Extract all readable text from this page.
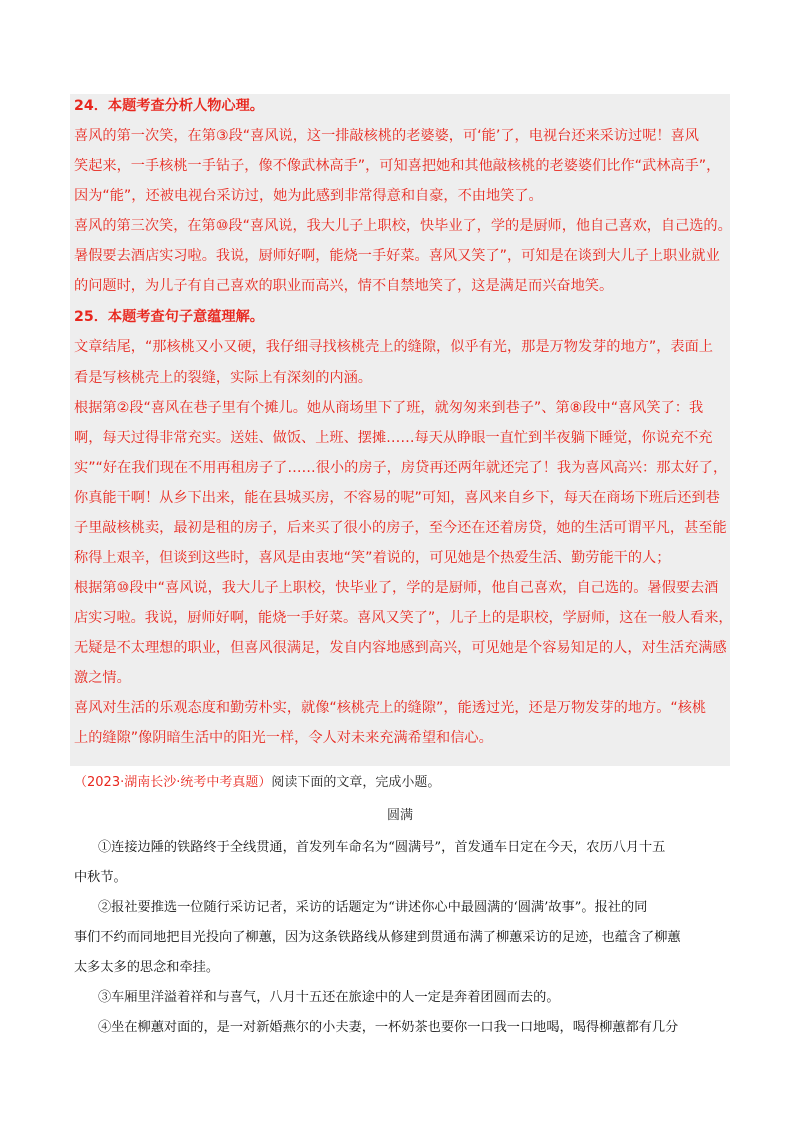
24．本题考查分析人物心理。
喜风的第一次笑，在第③段“喜风说，这一排敲核桃的老婆婆，可‘能’了，电视台还来采访过呢！喜风
笑起来，一手核桃一手钻子，像不像武林高手”，可知喜把她和其他敲核桃的老婆婆们比作“武林高手”，
因为“能”，还被电视台采访过，她为此感到非常得意和自豪，不由地笑了。
喜风的第三次笑，在第⑩段“喜风说，我大儿子上职校，快毕业了，学的是厨师，他自己喜欢，自己选的。
暑假要去酒店实习啦。我说，厨师好啊，能烧一手好菜。喜风又笑了”，可知是在谈到大儿子上职业就业
的问题时，为儿子有自己喜欢的职业而高兴，情不自禁地笑了，这是满足而兴奋地笑。
25．本题考查句子意蕴理解。
文章结尾，“那核桃又小又硬，我仔细寻找核桃壳上的缝隙，似乎有光，那是万物发芽的地方”，表面上
看是写核桃壳上的裂缝，实际上有深刻的内涵。
根据第②段“喜风在巷子里有个摊儿。她从商场里下了班，就匆匆来到巷子”、第⑧段中“喜风笑了：我
啊，每天过得非常充实。送娃、做饭、上班、摆摊……每天从睁眼一直忙到半夜躺下睡觉，你说充不充
实”“好在我们现在不用再租房子了……很小的房子，房贷再还两年就还完了！我为喜风高兴：那太好了，
你真能干啊！从乡下出来，能在县城买房，不容易的呢”可知，喜风来自乡下，每天在商场下班后还到巷
子里敲核桃卖，最初是租的房子，后来买了很小的房子，至今还在还着房贷，她的生活可谓平凡，甚至能
称得上艰辛，但谈到这些时，喜风是由衷地“笑”着说的，可见她是个热爱生活、勤劳能干的人；
根据第⑩段中“喜风说，我大儿子上职校，快毕业了，学的是厨师，他自己喜欢，自己选的。暑假要去酒
店实习啦。我说，厨师好啊，能烧一手好菜。喜风又笑了”，儿子上的是职校，学厨师，这在一般人看来，
无疑是不太理想的职业，但喜风很满足，发自内容地感到高兴，可见她是个容易知足的人，对生活充满感
激之情。
喜风对生活的乐观态度和勤劳朴实，就像“核桃壳上的缝隙”，能透过光，还是万物发芽的地方。“核桃
上的缝隙”像阴暗生活中的阳光一样，令人对未来充满希望和信心。
（2023·湖南长沙·统考中考真题）阅读下面的文章，完成小题。
圆满
①连接边陲的铁路终于全线贯通，首发列车命名为“圆满号”，首发通车日定在今天，农历八月十五
中秋节。
②报社要推选一位随行采访记者，采访的话题定为“讲述你心中最圆满的‘圆满’故事”。报社的同
事们不约而同地把目光投向了柳蕙，因为这条铁路线从修建到贯通布满了柳蕙采访的足迹，也蕴含了柳蕙
太多太多的思念和牵挂。
③车厢里洋溢着祥和与喜气，八月十五还在旅途中的人一定是奔着团圆而去的。
④坐在柳蕙对面的，是一对新婚燕尔的小夫妻，一杯奶茶也要你一口我一口地喝，喝得柳蕙都有几分
